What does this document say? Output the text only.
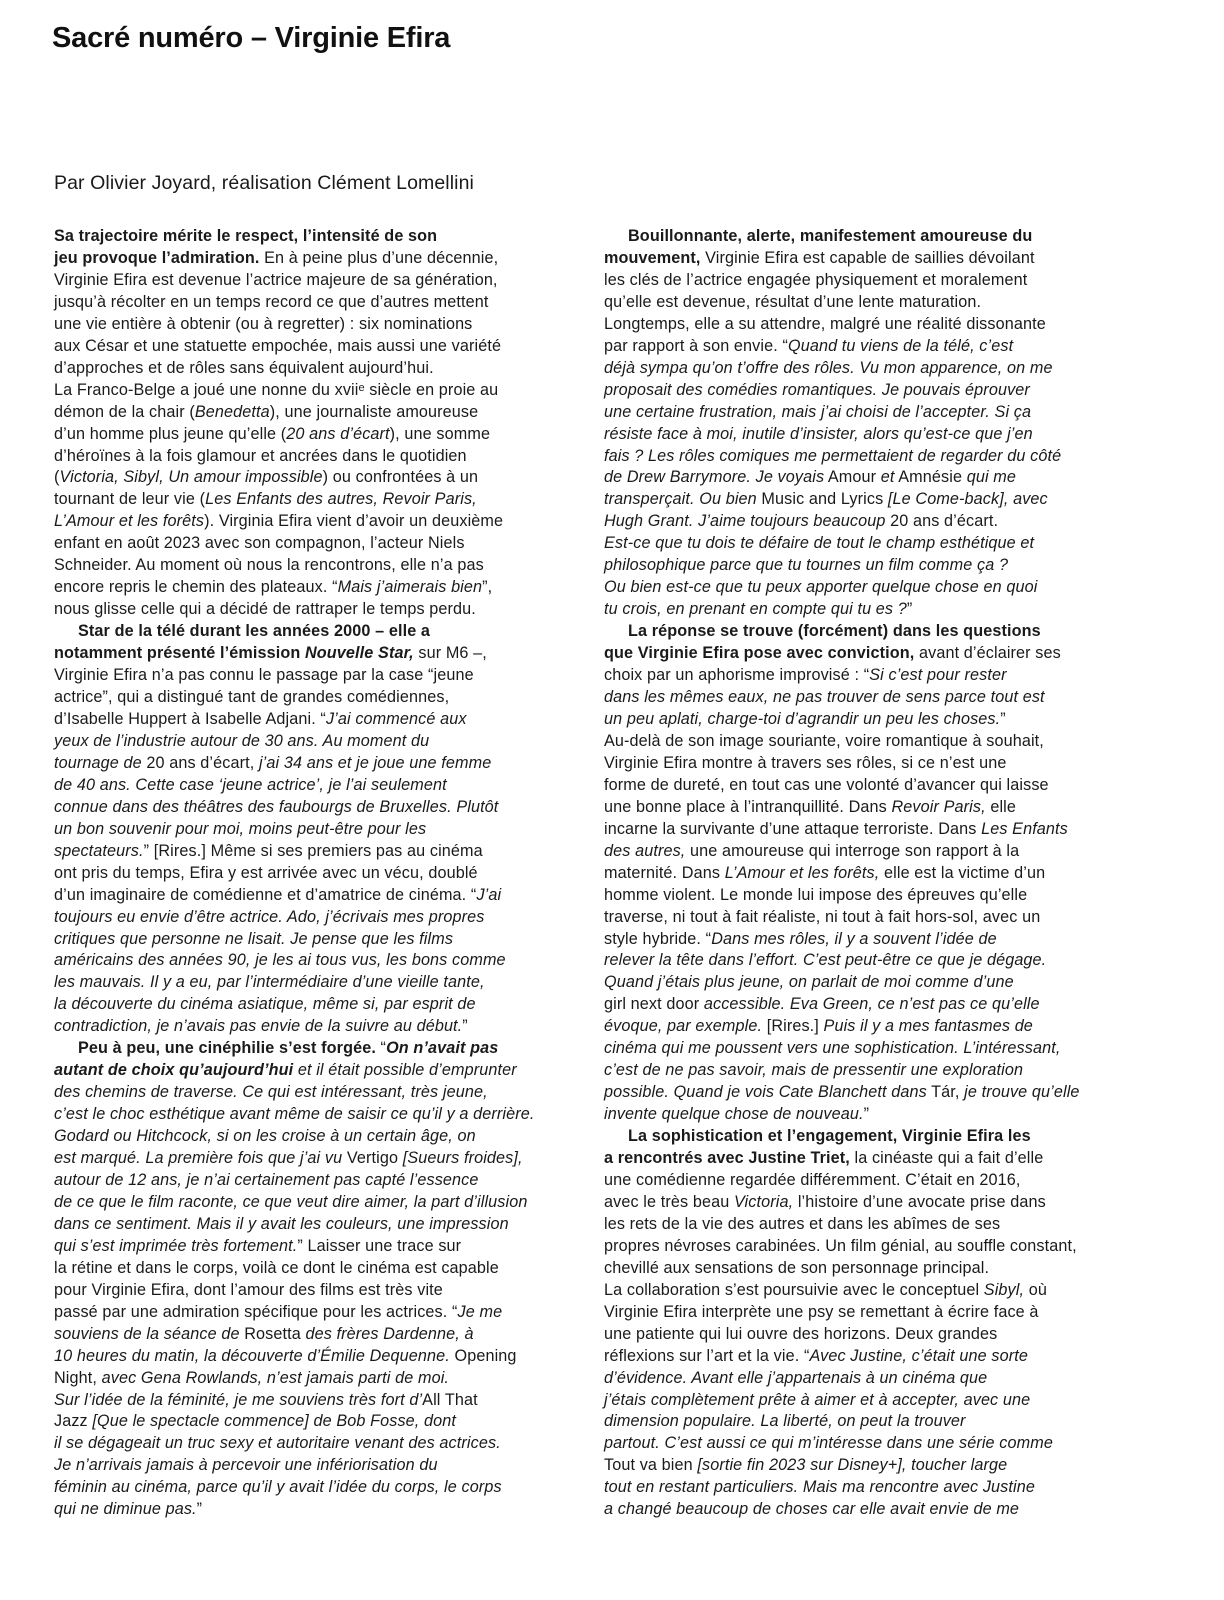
Sacré numéro – Virginie Efira
Par Olivier Joyard, réalisation Clément Lomellini
Sa trajectoire mérite le respect, l’intensité de son
jeu provoque l’admiration. En à peine plus d’une décennie,
Virginie Efira est devenue l’actrice majeure de sa génération,
jusqu’à récolter en un temps record ce que d’autres mettent
une vie entière à obtenir (ou à regretter) : six nominations
aux César et une statuette empochée, mais aussi une variété
d’approches et de rôles sans équivalent aujourd’hui.
La Franco-Belge a joué une nonne du xviiᵉ siècle en proie au
démon de la chair (Benedetta), une journaliste amoureuse
d’un homme plus jeune qu’elle (20 ans d’écart), une somme
d’héroïnes à la fois glamour et ancrées dans le quotidien
(Victoria, Sibyl, Un amour impossible) ou confrontées à un
tournant de leur vie (Les Enfants des autres, Revoir Paris,
L’Amour et les forêts). Virginia Efira vient d’avoir un deuxième
enfant en août 2023 avec son compagnon, l’acteur Niels
Schneider. Au moment où nous la rencontrons, elle n’a pas
encore repris le chemin des plateaux. “Mais j’aimerais bien”,
nous glisse celle qui a décidé de rattraper le temps perdu.
Star de la télé durant les années 2000 – elle a
notamment présenté l’émission Nouvelle Star, sur M6 –,
Virginie Efira n’a pas connu le passage par la case “jeune
actrice”, qui a distingué tant de grandes comédiennes,
d’Isabelle Huppert à Isabelle Adjani. “J’ai commencé aux
yeux de l’industrie autour de 30 ans. Au moment du
tournage de 20 ans d’écart, j’ai 34 ans et je joue une femme
de 40 ans. Cette case ‘jeune actrice’, je l’ai seulement
connue dans des théâtres des faubourgs de Bruxelles. Plutôt
un bon souvenir pour moi, moins peut-être pour les
spectateurs.” [Rires.] Même si ses premiers pas au cinéma
ont pris du temps, Efira y est arrivée avec un vécu, doublé
d’un imaginaire de comédienne et d’amatrice de cinéma. “J’ai
toujours eu envie d’être actrice. Ado, j’écrivais mes propres
critiques que personne ne lisait. Je pense que les films
américains des années 90, je les ai tous vus, les bons comme
les mauvais. Il y a eu, par l’intermédiaire d’une vieille tante,
la découverte du cinéma asiatique, même si, par esprit de
contradiction, je n’avais pas envie de la suivre au début.”
Peu à peu, une cinéphilie s’est forgée. “On n’avait pas
autant de choix qu’aujourd’hui et il était possible d’emprunter
des chemins de traverse. Ce qui est intéressant, très jeune,
c’est le choc esthétique avant même de saisir ce qu’il y a derrière.
Godard ou Hitchcock, si on les croise à un certain âge, on
est marqué. La première fois que j’ai vu Vertigo [Sueurs froides],
autour de 12 ans, je n’ai certainement pas capté l’essence
de ce que le film raconte, ce que veut dire aimer, la part d’illusion
dans ce sentiment. Mais il y avait les couleurs, une impression
qui s’est imprimée très fortement.” Laisser une trace sur
la rétine et dans le corps, voilà ce dont le cinéma est capable
pour Virginie Efira, dont l’amour des films est très vite
passé par une admiration spécifique pour les actrices. “Je me
souviens de la séance de Rosetta des frères Dardenne, à
10 heures du matin, la découverte d’Émilie Dequenne. Opening
Night, avec Gena Rowlands, n’est jamais parti de moi.
Sur l’idée de la féminité, je me souviens très fort d’All That
Jazz [Que le spectacle commence] de Bob Fosse, dont
il se dégageait un truc sexy et autoritaire venant des actrices.
Je n’arrivais jamais à percevoir une infériorisation du
féminin au cinéma, parce qu’il y avait l’idée du corps, le corps
qui ne diminue pas.”
Bouillonnante, alerte, manifestement amoureuse du
mouvement, Virginie Efira est capable de saillies dévoilant
les clés de l’actrice engagée physiquement et moralement
qu’elle est devenue, résultat d’une lente maturation.
Longtemps, elle a su attendre, malgré une réalité dissonante
par rapport à son envie. “Quand tu viens de la télé, c’est
déjà sympa qu’on t’offre des rôles. Vu mon apparence, on me
proposait des comédies romantiques. Je pouvais éprouver
une certaine frustration, mais j’ai choisi de l’accepter. Si ça
résiste face à moi, inutile d’insister, alors qu’est-ce que j’en
fais ? Les rôles comiques me permettaient de regarder du côté
de Drew Barrymore. Je voyais Amour et Amnésie qui me
transperçait. Ou bien Music and Lyrics [Le Come-back], avec
Hugh Grant. J’aime toujours beaucoup 20 ans d’écart.
Est-ce que tu dois te défaire de tout le champ esthétique et
philosophique parce que tu tournes un film comme ça ?
Ou bien est-ce que tu peux apporter quelque chose en quoi
tu crois, en prenant en compte qui tu es ?”
La réponse se trouve (forcément) dans les questions
que Virginie Efira pose avec conviction, avant d’éclairer ses
choix par un aphorisme improvisé : “Si c’est pour rester
dans les mêmes eaux, ne pas trouver de sens parce tout est
un peu aplati, charge-toi d’agrandir un peu les choses.”
Au-delà de son image souriante, voire romantique à souhait,
Virginie Efira montre à travers ses rôles, si ce n’est une
forme de dureté, en tout cas une volonté d’avancer qui laisse
une bonne place à l’intranquillité. Dans Revoir Paris, elle
incarne la survivante d’une attaque terroriste. Dans Les Enfants
des autres, une amoureuse qui interroge son rapport à la
maternité. Dans L’Amour et les forêts, elle est la victime d’un
homme violent. Le monde lui impose des épreuves qu’elle
traverse, ni tout à fait réaliste, ni tout à fait hors-sol, avec un
style hybride. “Dans mes rôles, il y a souvent l’idée de
relever la tête dans l’effort. C’est peut-être ce que je dégage.
Quand j’étais plus jeune, on parlait de moi comme d’une
girl next door accessible. Eva Green, ce n’est pas ce qu’elle
évoque, par exemple. [Rires.] Puis il y a mes fantasmes de
cinéma qui me poussent vers une sophistication. L’intéressant,
c’est de ne pas savoir, mais de pressentir une exploration
possible. Quand je vois Cate Blanchett dans Tár, je trouve qu’elle
invente quelque chose de nouveau.”
La sophistication et l’engagement, Virginie Efira les
a rencontrés avec Justine Triet, la cinéaste qui a fait d’elle
une comédienne regardée différemment. C’était en 2016,
avec le très beau Victoria, l’histoire d’une avocate prise dans
les rets de la vie des autres et dans les abîmes de ses
propres névroses carabinées. Un film génial, au souffle constant,
chevillé aux sensations de son personnage principal.
La collaboration s’est poursuivie avec le conceptuel Sibyl, où
Virginie Efira interprète une psy se remettant à écrire face à
une patiente qui lui ouvre des horizons. Deux grandes
réflexions sur l’art et la vie. “Avec Justine, c’était une sorte
d’évidence. Avant elle j’appartenais à un cinéma que
j’étais complètement prête à aimer et à accepter, avec une
dimension populaire. La liberté, on peut la trouver
partout. C’est aussi ce qui m’intéresse dans une série comme
Tout va bien [sortie fin 2023 sur Disney+], toucher large
tout en restant particuliers. Mais ma rencontre avec Justine
a changé beaucoup de choses car elle avait envie de me
